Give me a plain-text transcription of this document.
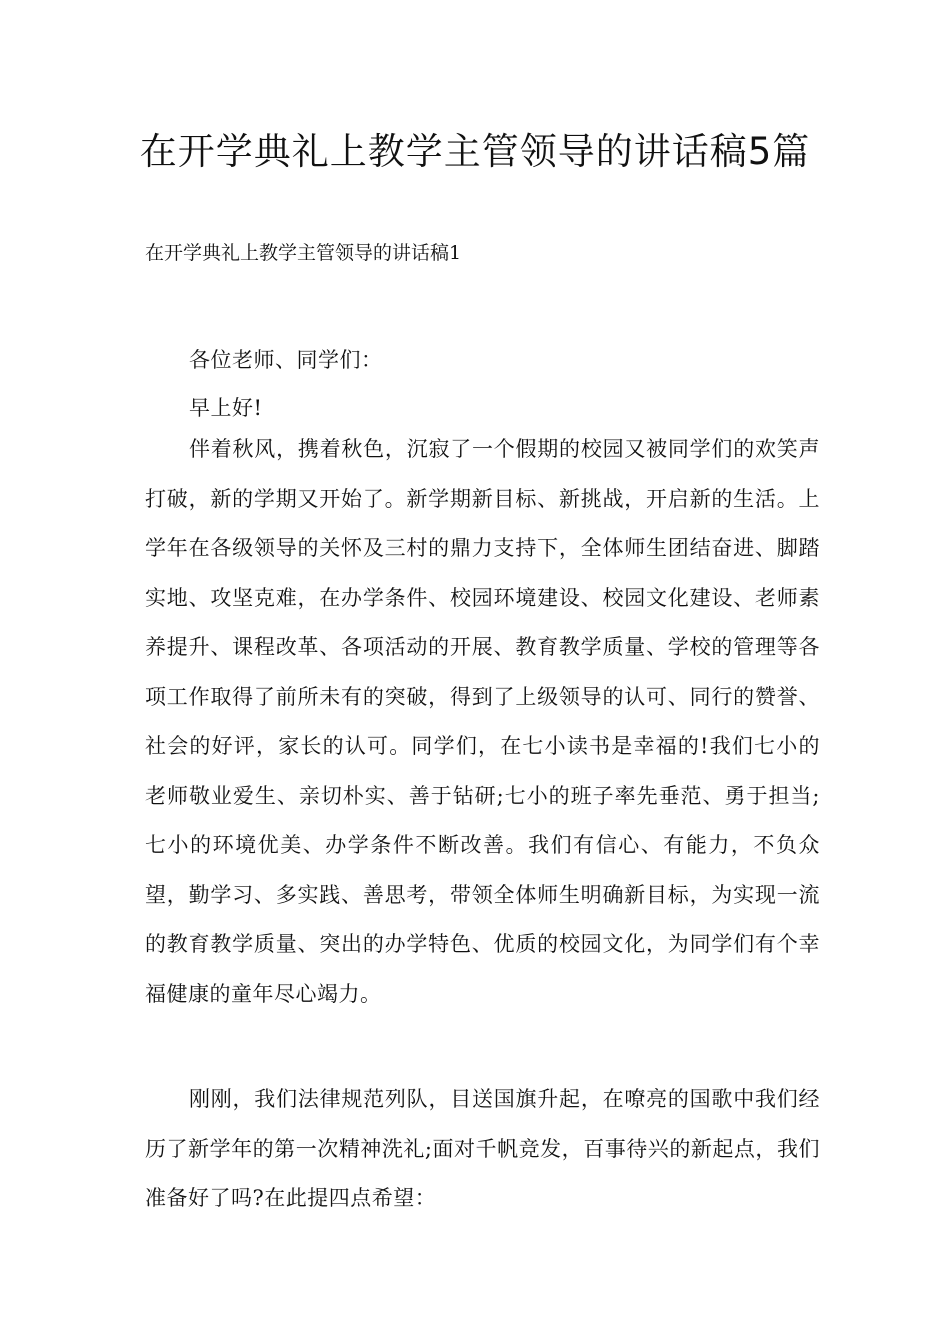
在开学典礼上教学主管领导的讲话稿5篇

在开学典礼上教学主管领导的讲话稿1

各位老师、同学们：

早上好!

伴着秋风，携着秋色，沉寂了一个假期的校园又被同学们的欢笑声打破，新的学期又开始了。新学期新目标、新挑战，开启新的生活。上学年在各级领导的关怀及三村的鼎力支持下，全体师生团结奋进、脚踏实地、攻坚克难，在办学条件、校园环境建设、校园文化建设、老师素养提升、课程改革、各项活动的开展、教育教学质量、学校的管理等各项工作取得了前所未有的突破，得到了上级领导的认可、同行的赞誉、社会的好评，家长的认可。同学们，在七小读书是幸福的!我们七小的老师敬业爱生、亲切朴实、善于钻研;七小的班子率先垂范、勇于担当;七小的环境优美、办学条件不断改善。我们有信心、有能力，不负众望，勤学习、多实践、善思考，带领全体师生明确新目标，为实现一流的教育教学质量、突出的办学特色、优质的校园文化，为同学们有个幸福健康的童年尽心竭力。

刚刚，我们法律规范列队，目送国旗升起，在嘹亮的国歌中我们经历了新学年的第一次精神洗礼;面对千帆竞发，百事待兴的新起点，我们准备好了吗?在此提四点希望：
